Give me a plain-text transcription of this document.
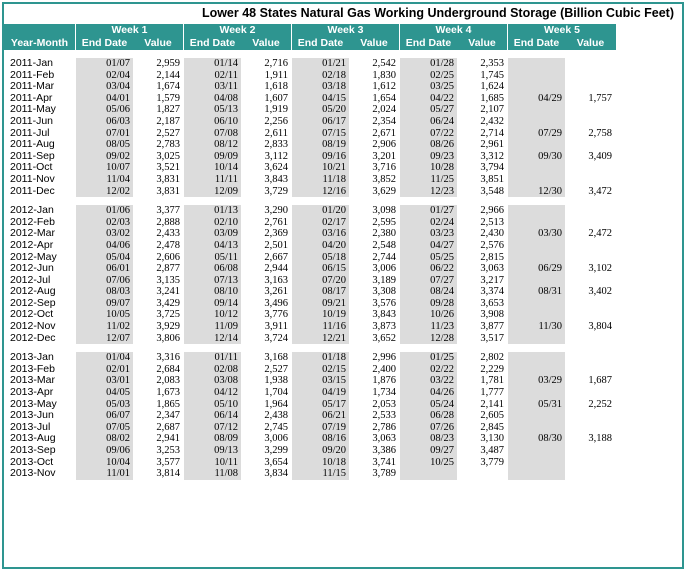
Lower 48 States Natural Gas Working Underground Storage (Billion Cubic Feet)
	Week 1		Week 2		Week 3		Week 4		Week 5	
Year-Month	End Date	Value	End Date	Value	End Date	Value	End Date	Value	End Date	Value

2011-Jan	01/07	2,959	01/14	2,716	01/21	2,542	01/28	2,353		
2011-Feb	02/04	2,144	02/11	1,911	02/18	1,830	02/25	1,745		
2011-Mar	03/04	1,674	03/11	1,618	03/18	1,612	03/25	1,624		
2011-Apr	04/01	1,579	04/08	1,607	04/15	1,654	04/22	1,685	04/29	1,757
2011-May	05/06	1,827	05/13	1,919	05/20	2,024	05/27	2,107		
2011-Jun	06/03	2,187	06/10	2,256	06/17	2,354	06/24	2,432		
2011-Jul	07/01	2,527	07/08	2,611	07/15	2,671	07/22	2,714	07/29	2,758
2011-Aug	08/05	2,783	08/12	2,833	08/19	2,906	08/26	2,961		
2011-Sep	09/02	3,025	09/09	3,112	09/16	3,201	09/23	3,312	09/30	3,409
2011-Oct	10/07	3,521	10/14	3,624	10/21	3,716	10/28	3,794		
2011-Nov	11/04	3,831	11/11	3,843	11/18	3,852	11/25	3,851		
2011-Dec	12/02	3,831	12/09	3,729	12/16	3,629	12/23	3,548	12/30	3,472

2012-Jan	01/06	3,377	01/13	3,290	01/20	3,098	01/27	2,966		
2012-Feb	02/03	2,888	02/10	2,761	02/17	2,595	02/24	2,513		
2012-Mar	03/02	2,433	03/09	2,369	03/16	2,380	03/23	2,430	03/30	2,472
2012-Apr	04/06	2,478	04/13	2,501	04/20	2,548	04/27	2,576		
2012-May	05/04	2,606	05/11	2,667	05/18	2,744	05/25	2,815		
2012-Jun	06/01	2,877	06/08	2,944	06/15	3,006	06/22	3,063	06/29	3,102
2012-Jul	07/06	3,135	07/13	3,163	07/20	3,189	07/27	3,217		
2012-Aug	08/03	3,241	08/10	3,261	08/17	3,308	08/24	3,374	08/31	3,402
2012-Sep	09/07	3,429	09/14	3,496	09/21	3,576	09/28	3,653		
2012-Oct	10/05	3,725	10/12	3,776	10/19	3,843	10/26	3,908		
2012-Nov	11/02	3,929	11/09	3,911	11/16	3,873	11/23	3,877	11/30	3,804
2012-Dec	12/07	3,806	12/14	3,724	12/21	3,652	12/28	3,517		

2013-Jan	01/04	3,316	01/11	3,168	01/18	2,996	01/25	2,802		
2013-Feb	02/01	2,684	02/08	2,527	02/15	2,400	02/22	2,229		
2013-Mar	03/01	2,083	03/08	1,938	03/15	1,876	03/22	1,781	03/29	1,687
2013-Apr	04/05	1,673	04/12	1,704	04/19	1,734	04/26	1,777		
2013-May	05/03	1,865	05/10	1,964	05/17	2,053	05/24	2,141	05/31	2,252
2013-Jun	06/07	2,347	06/14	2,438	06/21	2,533	06/28	2,605		
2013-Jul	07/05	2,687	07/12	2,745	07/19	2,786	07/26	2,845		
2013-Aug	08/02	2,941	08/09	3,006	08/16	3,063	08/23	3,130	08/30	3,188
2013-Sep	09/06	3,253	09/13	3,299	09/20	3,386	09/27	3,487		
2013-Oct	10/04	3,577	10/11	3,654	10/18	3,741	10/25	3,779		
2013-Nov	11/01	3,814	11/08	3,834	11/15	3,789				
